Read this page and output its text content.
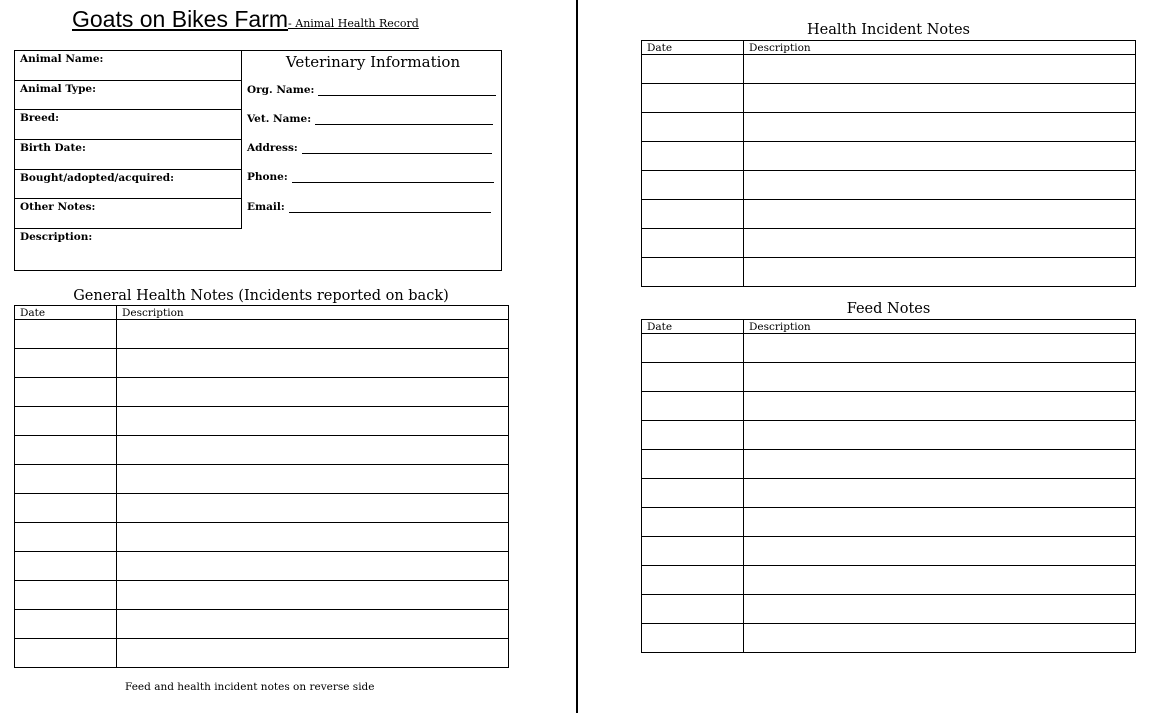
Goats on Bikes Farm- Animal Health Record
Animal Name:
Animal Type:
Breed:
Birth Date:
Bought/adopted/acquired:
Other Notes:
Description:
Veterinary Information
Org. Name:
Vet. Name:
Address:
Phone:
Email:
General Health Notes (Incidents reported on back)
Date	Description

Health Incident Notes
Date	Description

Feed Notes
Date	Description

Feed and health incident notes on reverse side
